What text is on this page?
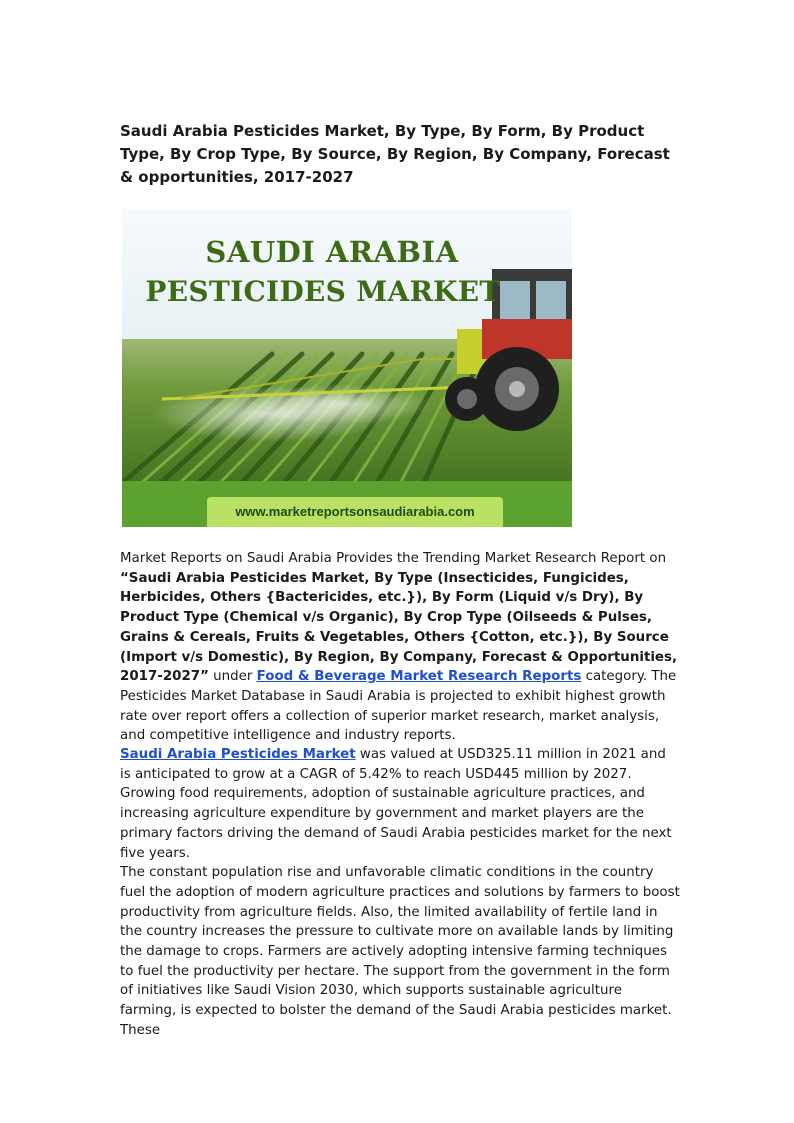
Saudi Arabia Pesticides Market, By Type, By Form, By Product Type, By Crop Type, By Source, By Region, By Company, Forecast & opportunities, 2017-2027
SAUDI ARABIA
PESTICIDES MARKET
www.marketreportsonsaudiarabia.com

Market Reports on Saudi Arabia Provides the Trending Market Research Report on “Saudi Arabia Pesticides Market, By Type (Insecticides, Fungicides, Herbicides, Others {Bactericides, etc.}), By Form (Liquid v/s Dry), By Product Type (Chemical v/s Organic), By Crop Type (Oilseeds & Pulses, Grains & Cereals, Fruits & Vegetables, Others {Cotton, etc.}), By Source (Import v/s Domestic), By Region, By Company, Forecast & Opportunities, 2017-2027” under Food & Beverage Market Research Reports category. The Pesticides Market Database in Saudi Arabia is projected to exhibit highest growth rate over report offers a collection of superior market research, market analysis, and competitive intelligence and industry reports.

Saudi Arabia Pesticides Market was valued at USD325.11 million in 2021 and is anticipated to grow at a CAGR of 5.42% to reach USD445 million by 2027. Growing food requirements, adoption of sustainable agriculture practices, and increasing agriculture expenditure by government and market players are the primary factors driving the demand of Saudi Arabia pesticides market for the next five years.
The constant population rise and unfavorable climatic conditions in the country fuel the adoption of modern agriculture practices and solutions by farmers to boost productivity from agriculture fields. Also, the limited availability of fertile land in the country increases the pressure to cultivate more on available lands by limiting the damage to crops. Farmers are actively adopting intensive farming techniques to fuel the productivity per hectare. The support from the government in the form of initiatives like Saudi Vision 2030, which supports sustainable agriculture farming, is expected to bolster the demand of the Saudi Arabia pesticides market. These
